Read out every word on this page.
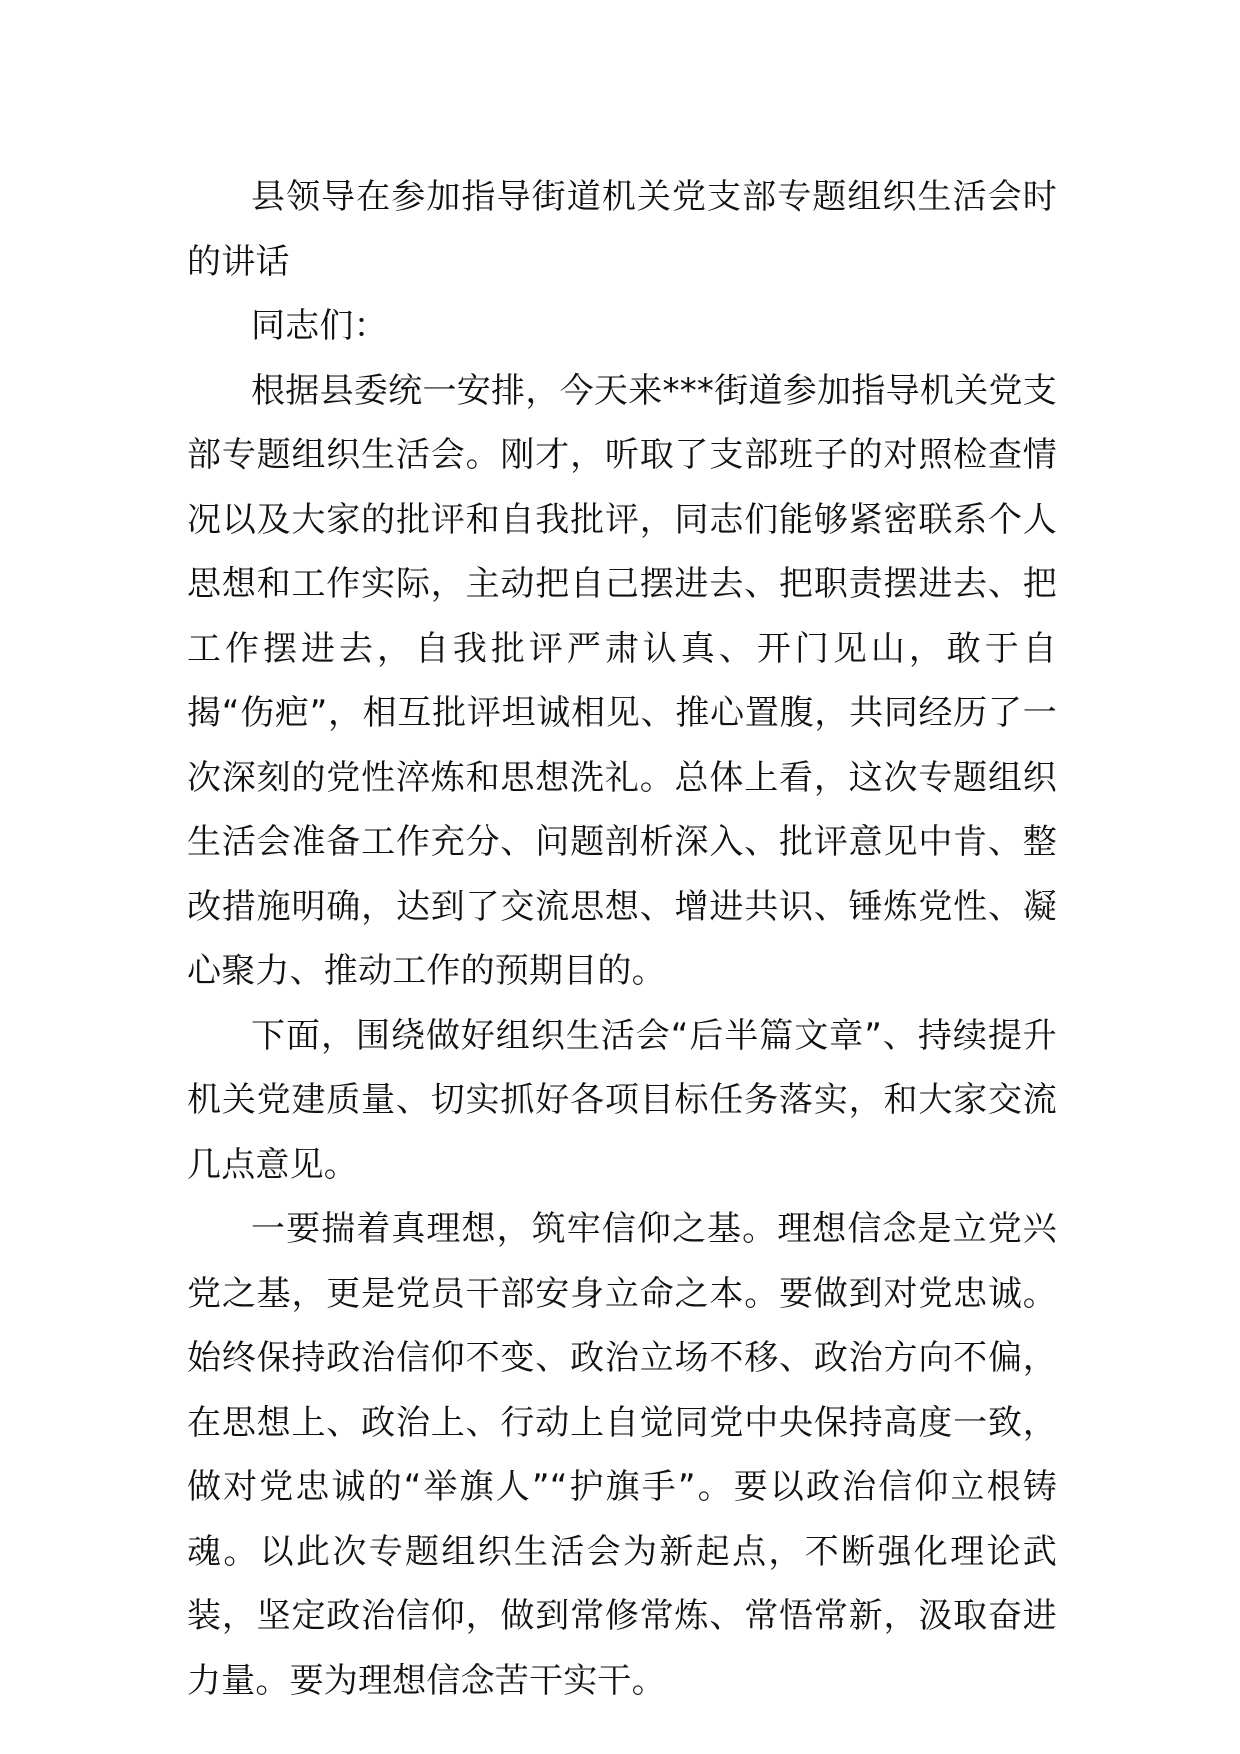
县领导在参加指导街道机关党支部专题组织生活会时的讲话

同志们：

根据县委统一安排，今天来***街道参加指导机关党支部专题组织生活会。刚才，听取了支部班子的对照检查情况以及大家的批评和自我批评，同志们能够紧密联系个人思想和工作实际，主动把自己摆进去、把职责摆进去、把工作摆进去，自我批评严肃认真、开门见山，敢于自揭“伤疤”，相互批评坦诚相见、推心置腹，共同经历了一次深刻的党性淬炼和思想洗礼。总体上看，这次专题组织生活会准备工作充分、问题剖析深入、批评意见中肯、整改措施明确，达到了交流思想、增进共识、锤炼党性、凝心聚力、推动工作的预期目的。

下面，围绕做好组织生活会“后半篇文章”、持续提升机关党建质量、切实抓好各项目标任务落实，和大家交流几点意见。

一要揣着真理想，筑牢信仰之基。理想信念是立党兴党之基，更是党员干部安身立命之本。要做到对党忠诚。始终保持政治信仰不变、政治立场不移、政治方向不偏，在思想上、政治上、行动上自觉同党中央保持高度一致，做对党忠诚的“举旗人”“护旗手”。要以政治信仰立根铸魂。以此次专题组织生活会为新起点，不断强化理论武装，坚定政治信仰，做到常修常炼、常悟常新，汲取奋进力量。要为理想信念苦干实干。
